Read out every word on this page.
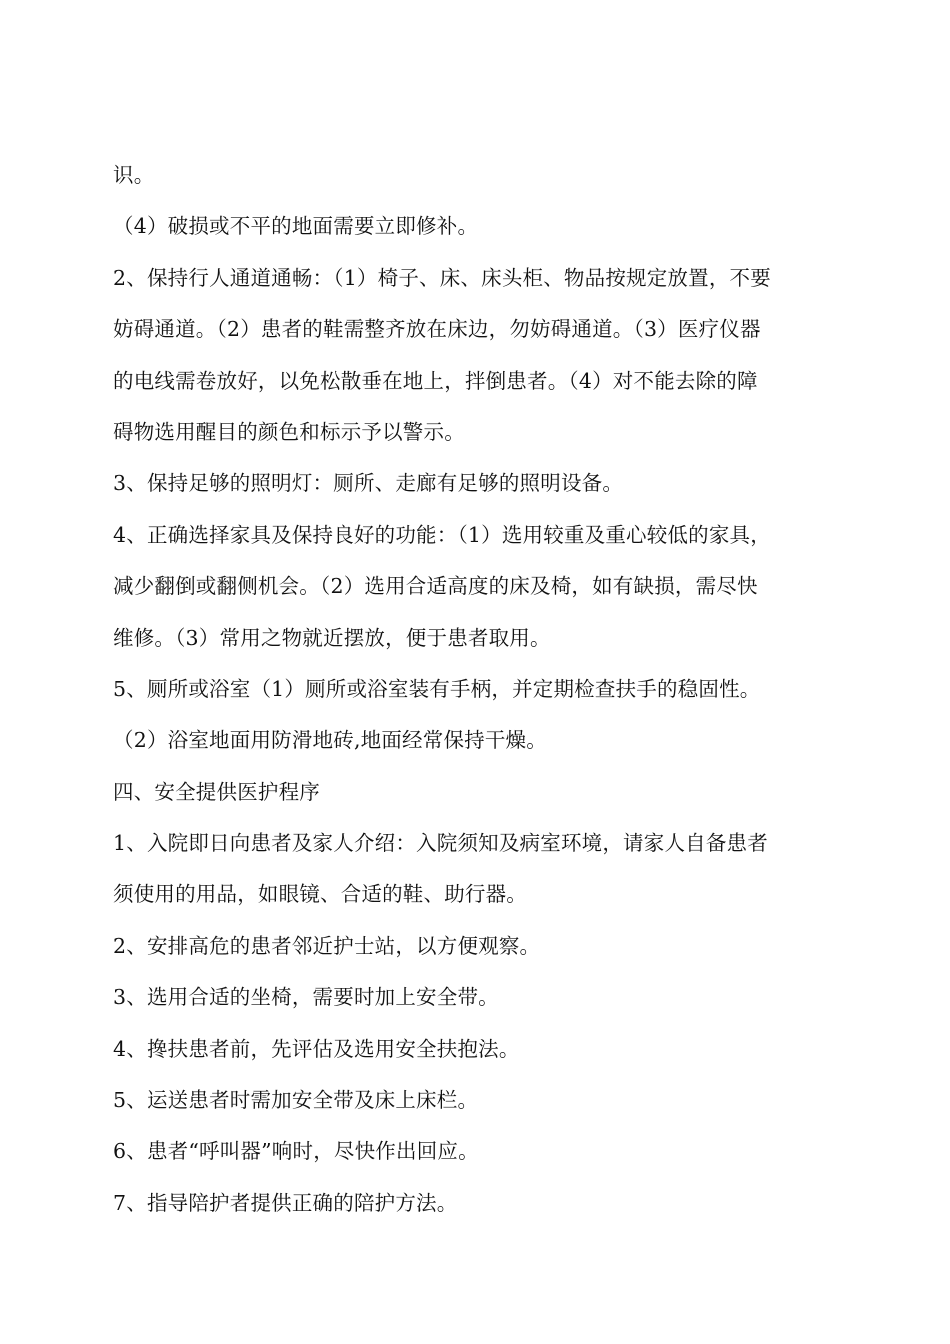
识。
（4）破损或不平的地面需要立即修补。
2、保持行人通道通畅：（1）椅子、床、床头柜、物品按规定放置，不要
妨碍通道。（2）患者的鞋需整齐放在床边，勿妨碍通道。（3）医疗仪器
的电线需卷放好，以免松散垂在地上，拌倒患者。（4）对不能去除的障
碍物选用醒目的颜色和标示予以警示。
3、保持足够的照明灯：厕所、走廊有足够的照明设备。
4、正确选择家具及保持良好的功能：（1）选用较重及重心较低的家具，
减少翻倒或翻侧机会。（2）选用合适高度的床及椅，如有缺损，需尽快
维修。（3）常用之物就近摆放，便于患者取用。
5、厕所或浴室（1）厕所或浴室装有手柄，并定期检查扶手的稳固性。
（2）浴室地面用防滑地砖,地面经常保持干燥。
四、安全提供医护程序
1、入院即日向患者及家人介绍：入院须知及病室环境，请家人自备患者
须使用的用品，如眼镜、合适的鞋、助行器。
2、安排高危的患者邻近护士站，以方便观察。
3、选用合适的坐椅，需要时加上安全带。
4、搀扶患者前，先评估及选用安全扶抱法。
5、运送患者时需加安全带及床上床栏。
6、患者“呼叫器”响时，尽快作出回应。
7、指导陪护者提供正确的陪护方法。
